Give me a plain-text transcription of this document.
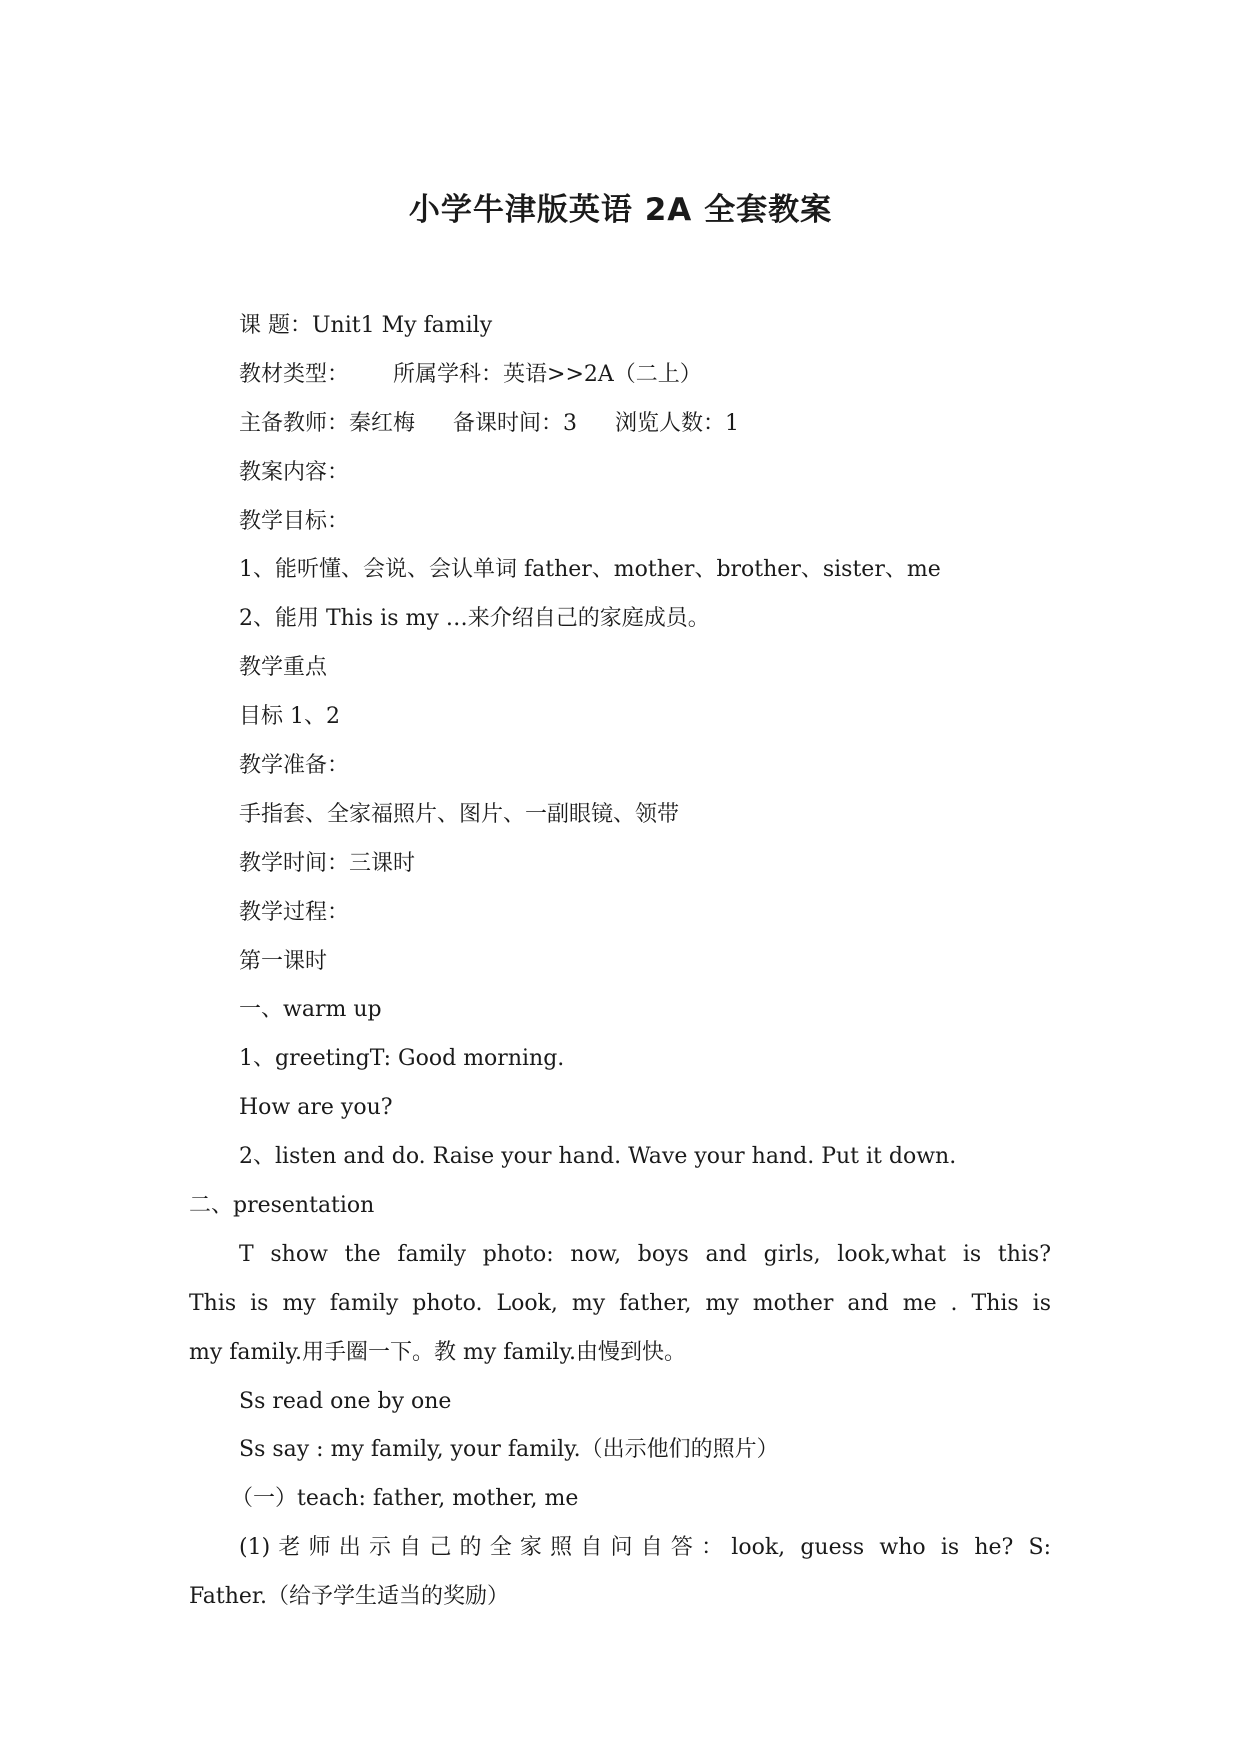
小学牛津版英语 2A 全套教案
课 题：Unit1 My family
教材类型： 所属学科：英语>>2A（二上）
主备教师：秦红梅 备课时间：3 浏览人数：1
教案内容：
教学目标：
1、能听懂、会说、会认单词 father、mother、brother、sister、me
2、能用 This is my …来介绍自己的家庭成员。
教学重点
目标 1、2
教学准备：
手指套、全家福照片、图片、一副眼镜、领带
教学时间：三课时
教学过程：
第一课时
一、warm up
1、greetingT: Good morning.
How are you?
2、listen and do. Raise your hand. Wave your hand. Put it down.
二、presentation
T show the family photo: now, boys and girls, look,what is this?
This is my family photo. Look, my father, my mother and me . This is
my family.用手圈一下。教 my family.由慢到快。
Ss read one by one
Ss say : my family, your family.（出示他们的照片）
（一）teach: father, mother, me
(1)老师出示自己的全家照自问自答：look, guess who is he? S:
Father.（给予学生适当的奖励）
